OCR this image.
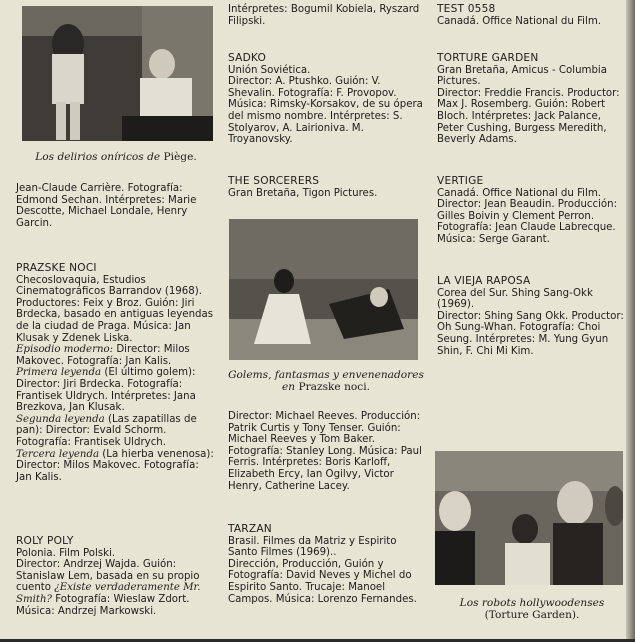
Los delirios oníricos de Piège.

Jean-Claude Carrière. Fotografía: Edmond Sechan. Intérpretes: Marie Descotte, Michael Londale, Henry Garcin.

PRAZSKE NOCI

Checoslovaquia, Estudios Cinematográficos Barrandov (1968).

Productores: Feix y Broz. Guión: Jiri Brdecka, basado en antiguas leyendas de la ciudad de Praga. Música: Jan Klusak y Zdenek Liska.

Episodio moderno: Director: Milos Makovec. Fotografía: Jan Kalis.

Primera leyenda (El último golem): Director: Jiri Brdecka. Fotografía: Frantisek Uldrych. Intérpretes: Jana Brezkova, Jan Klusak.

Segunda leyenda (Las zapatillas de pan): Director: Evald Schorm. Fotografía: Frantisek Uldrych.

Tercera leyenda (La hierba venenosa): Director: Milos Makovec. Fotografía: Jan Kalis.

ROLY POLY

Polonia. Film Polski.

Director: Andrzej Wajda. Guión: Stanislaw Lem, basada en su propio cuento ¿Existe verdaderamente Mr. Smith? Fotografía: Wieslaw Zdort. Música: Andrzej Markowski.

Intérpretes: Bogumil Kobiela, Ryszard Filipski.

SADKO

Unión Soviética.

Director: A. Ptushko. Guión: V. Shevalin. Fotografía: F. Provopov. Música: Rimsky-Korsakov, de su ópera del mismo nombre. Intérpretes: S. Stolyarov, A. Lairioniva. M. Troyanovsky.

THE SORCERERS

Gran Bretaña, Tigon Pictures.

Golems, fantasmas y envenenadores en Prazske noci.

Director: Michael Reeves. Producción: Patrik Curtis y Tony Tenser. Guión: Michael Reeves y Tom Baker. Fotografía: Stanley Long. Música: Paul Ferris. Intérpretes: Boris Karloff, Elizabeth Ercy, Ian Ogilvy, Victor Henry, Catherine Lacey.

TARZAN

Brasil. Filmes da Matriz y Espirito Santo Filmes (1969)..

Dirección, Producción, Guión y Fotografía: David Neves y Michel do Espirito Santo. Trucaje: Manoel Campos. Música: Lorenzo Fernandes.

TEST 0558

Canadá. Office National du Film.

TORTURE GARDEN

Gran Bretaña, Amicus - Columbia Pictures.

Director: Freddie Francis. Productor: Max J. Rosemberg. Guión: Robert Bloch. Intérpretes: Jack Palance, Peter Cushing, Burgess Meredith, Beverly Adams.

VERTIGE

Canadá. Office National du Film.

Director: Jean Beaudin. Producción: Gilles Boivin y Clement Perron. Fotografía: Jean Claude Labrecque. Música: Serge Garant.

LA VIEJA RAPOSA

Corea del Sur. Shing Sang-Okk (1969).

Director: Shing Sang Okk. Productor: Oh Sung-Whan. Fotografía: Choi Seung. Intérpretes: M. Yung Gyun Shin, F. Chi Mi Kim.

Los robots hollywoodenses (Torture Garden).
